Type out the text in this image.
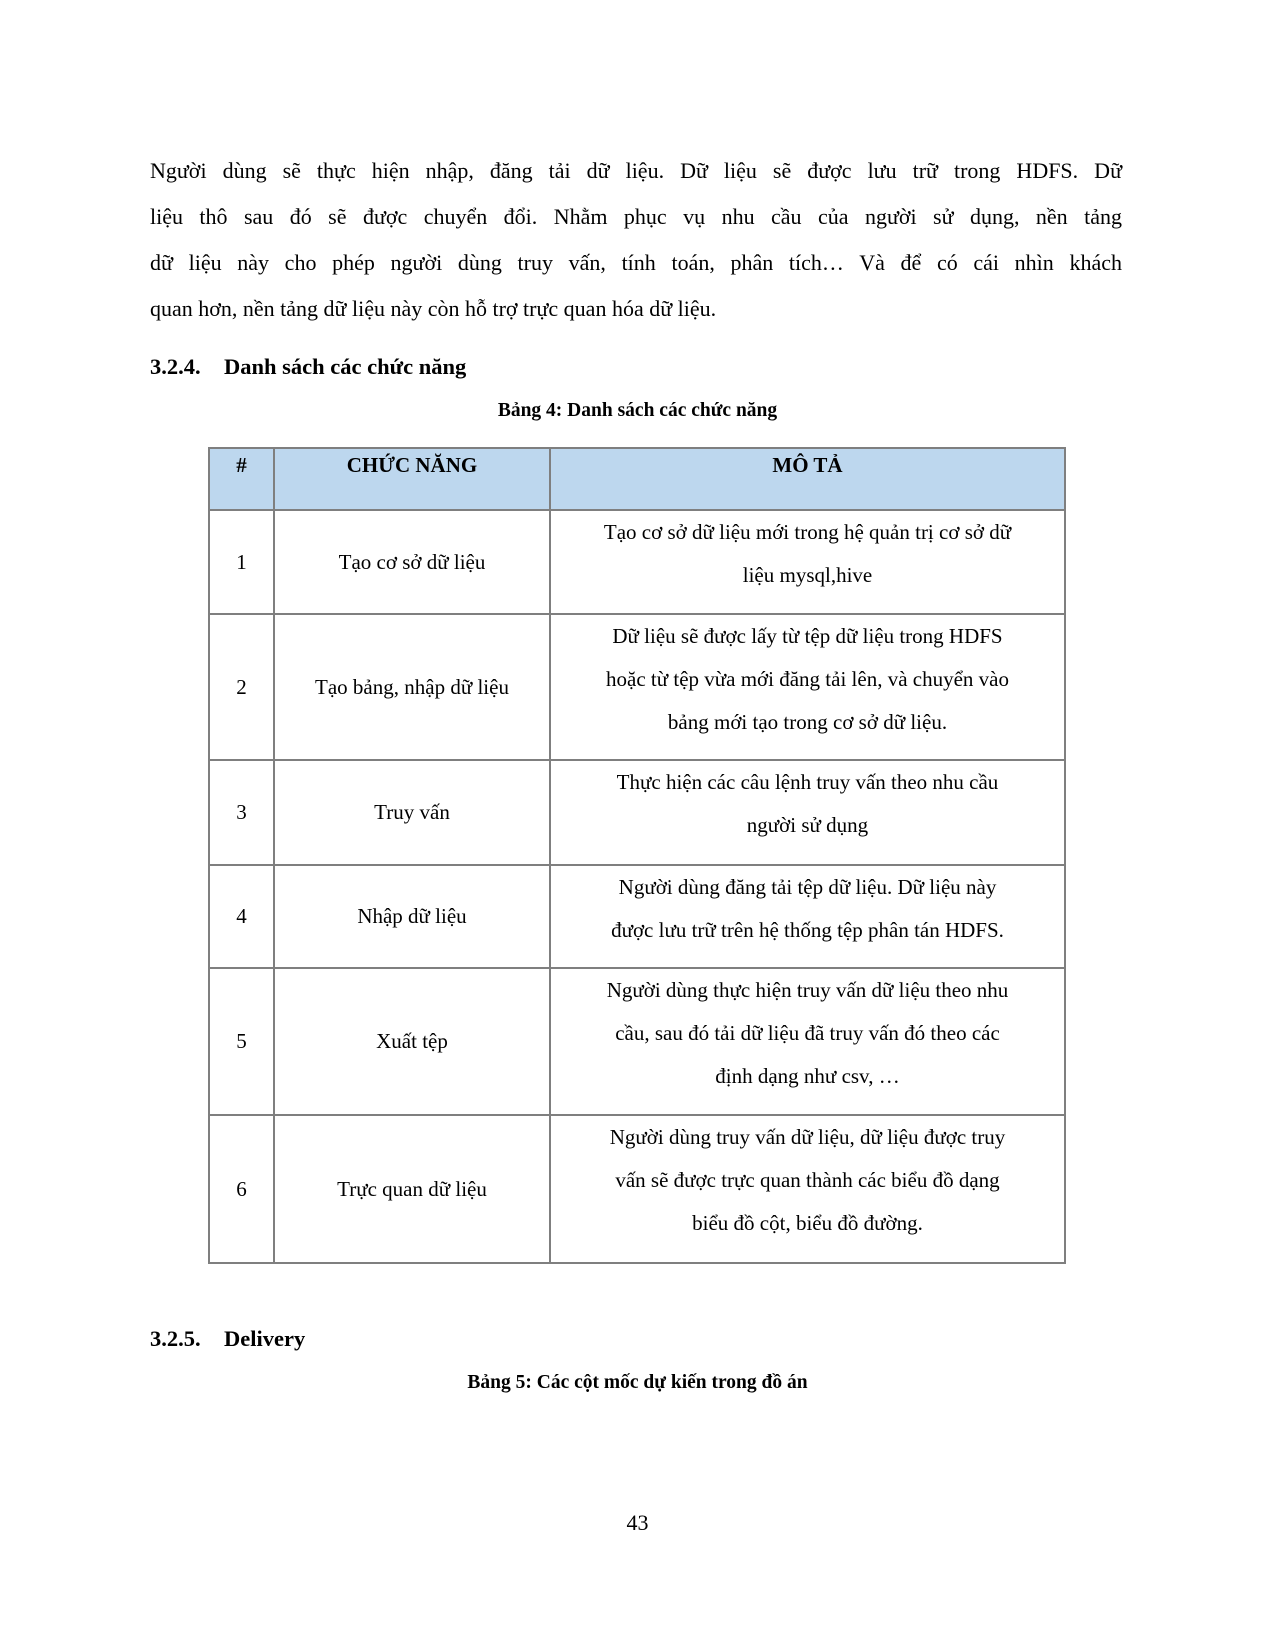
Người dùng sẽ thực hiện nhập, đăng tải dữ liệu. Dữ liệu sẽ được lưu trữ trong HDFS. Dữ
liệu thô sau đó sẽ được chuyển đổi. Nhằm phục vụ nhu cầu của người sử dụng, nền tảng
dữ liệu này cho phép người dùng truy vấn, tính toán, phân tích… Và để có cái nhìn khách
quan hơn, nền tảng dữ liệu này còn hỗ trợ trực quan hóa dữ liệu.
3.2.4. Danh sách các chức năng
Bảng 4: Danh sách các chức năng
#	CHỨC NĂNG	MÔ TẢ
1	Tạo cơ sở dữ liệu	Tạo cơ sở dữ liệu mới trong hệ quản trị cơ sở dữ
liệu mysql,hive

2	Tạo bảng, nhập dữ liệu	Dữ liệu sẽ được lấy từ tệp dữ liệu trong HDFS
hoặc từ tệp vừa mới đăng tải lên, và chuyển vào
bảng mới tạo trong cơ sở dữ liệu.

3	Truy vấn	Thực hiện các câu lệnh truy vấn theo nhu cầu
người sử dụng

4	Nhập dữ liệu	Người dùng đăng tải tệp dữ liệu. Dữ liệu này
được lưu trữ trên hệ thống tệp phân tán HDFS.

5	Xuất tệp	Người dùng thực hiện truy vấn dữ liệu theo nhu
cầu, sau đó tải dữ liệu đã truy vấn đó theo các
định dạng như csv, …

6	Trực quan dữ liệu	Người dùng truy vấn dữ liệu, dữ liệu được truy
vấn sẽ được trực quan thành các biểu đồ dạng
biểu đồ cột, biểu đồ đường.
3.2.5. Delivery
Bảng 5: Các cột mốc dự kiến trong đồ án
43
